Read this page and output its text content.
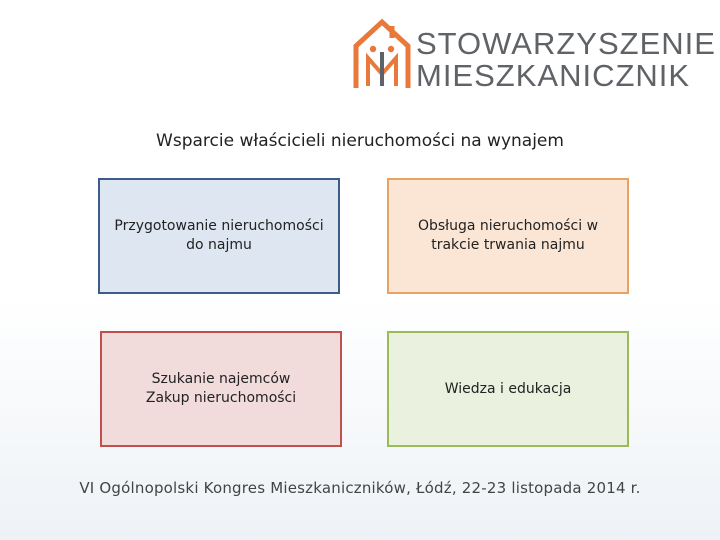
STOWARZYSZENIE
MIESZKANICZNIK
Wsparcie właścicieli nieruchomości na wynajem
Przygotowanie nieruchomości
do najmu
Obsługa nieruchomości w
trakcie trwania najmu
Szukanie najemców
Zakup nieruchomości
Wiedza i edukacja
VI Ogólnopolski Kongres Mieszkaniczników, Łódź, 22-23 listopada 2014 r.
